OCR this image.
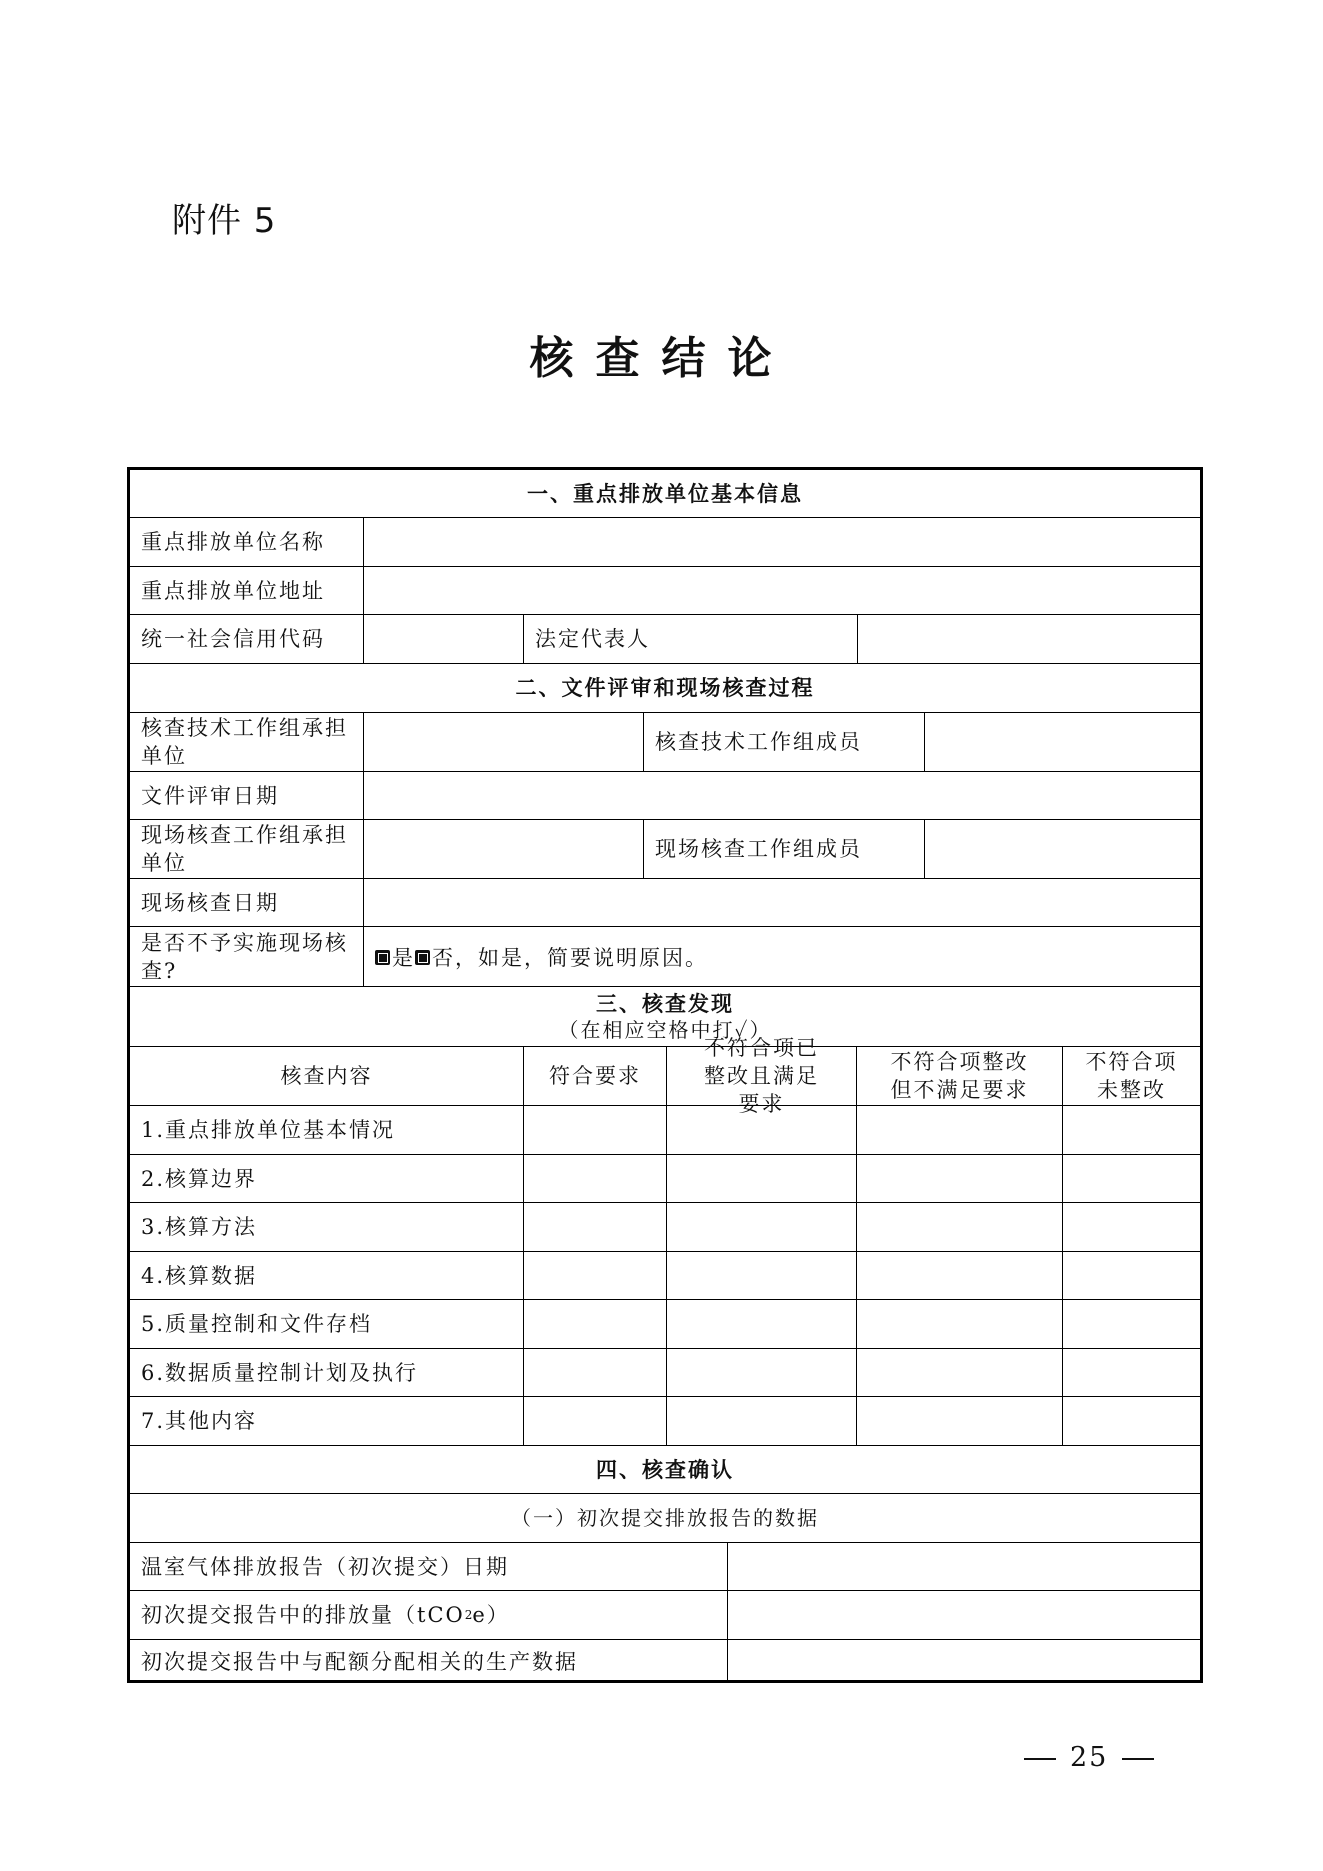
附件 5
核查结论
一、重点排放单位基本信息
重点排放单位名称
重点排放单位地址
统一社会信用代码	法定代表人
二、文件评审和现场核查过程
核查技术工作组承担单位
核查技术工作组成员
文件评审日期
现场核查工作组承担单位
现场核查工作组成员
现场核查日期
是否不予实施现场核查?
是 否，如是，简要说明原因。
三、核查发现
（在相应空格中打✓）
核查内容	符合要求
不符合项已整改且满足要求
不符合项整改但不满足要求
不符合项未整改
1.重点排放单位基本情况
2.核算边界
3.核算方法
4.核算数据
5.质量控制和文件存档
6.数据质量控制计划及执行
7.其他内容
四、核查确认
（一）初次提交排放报告的数据
温室气体排放报告（初次提交）日期
初次提交报告中的排放量（tCO 2 e）
初次提交报告中与配额分配相关的生产数据
25
